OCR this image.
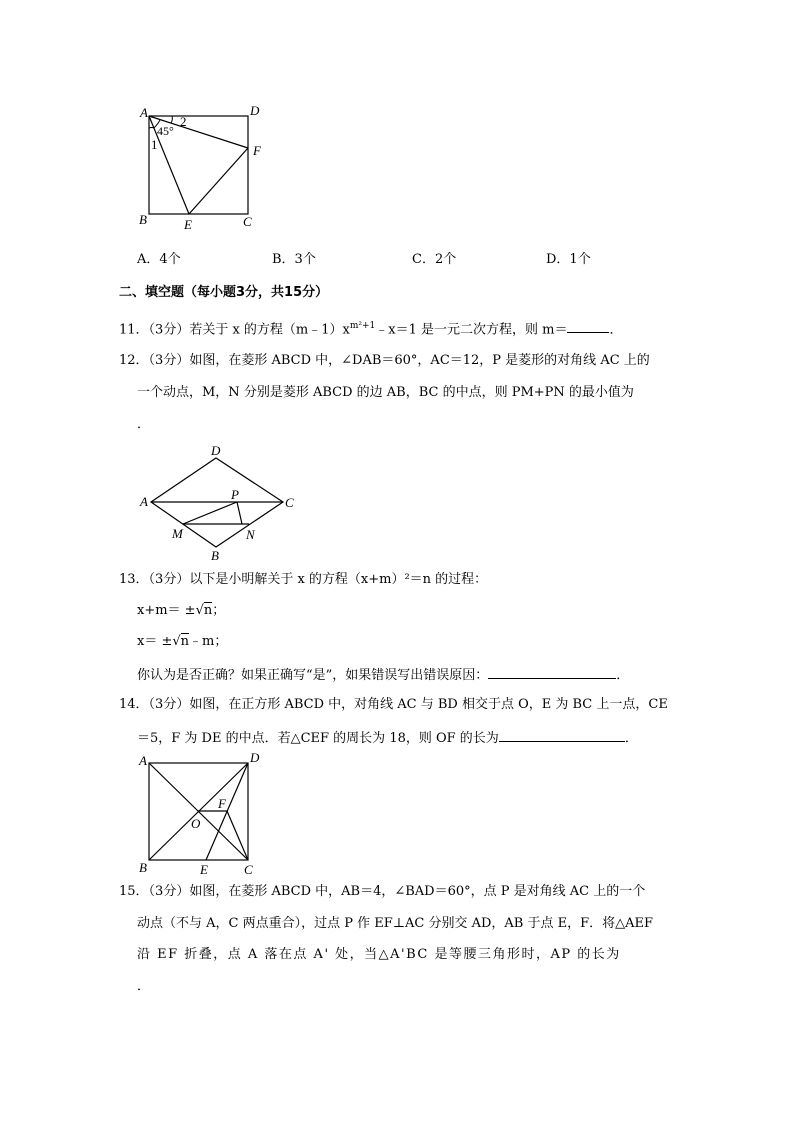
A	D
F
B	E	C
2
1
45°
A．4个	B．3个	C．2个	D．1个
二、填空题（每小题3分，共15分）
11．（3分）若关于 x 的方程$(m﹣1)x^{m^2+1}﹣x=1$ 是一元二次方程，则 m＝	．
12．（3分）如图，在菱形 ABCD 中，∠DAB＝60°，AC＝12，P 是菱形的对角线 AC 上的
一个动点，M，N 分别是菱形 ABCD 的边 AB，BC 的中点，则 PM+PN 的最小值为
．
D
A	P
C
M	N
B
13．（3分）以下是小明解关于 x 的方程（x+m）²＝n 的过程：
x+m＝ ±√n；
x＝ ±√n﹣m；
你认为是否正确？如果正确写“是”，如果错误写出错误原因：	．
14．（3分）如图，在正方形 ABCD 中，对角线 AC 与 BD 相交于点 O，E 为 BC 上一点，CE
＝5，F 为 DE 的中点．若△CEF 的周长为 18，则 OF 的长为	．
A	D
F
O
B	E	C
15．（3分）如图，在菱形 ABCD 中，AB＝4，∠BAD＝60°，点 P 是对角线 AC 上的一个
动点（不与 A，C 两点重合），过点 P 作 EF⊥AC 分别交 AD，AB 于点 E，F．将△AEF
沿 EF 折叠，点 A 落在点 A' 处，当△A'BC 是等腰三角形时，AP 的长为
．
